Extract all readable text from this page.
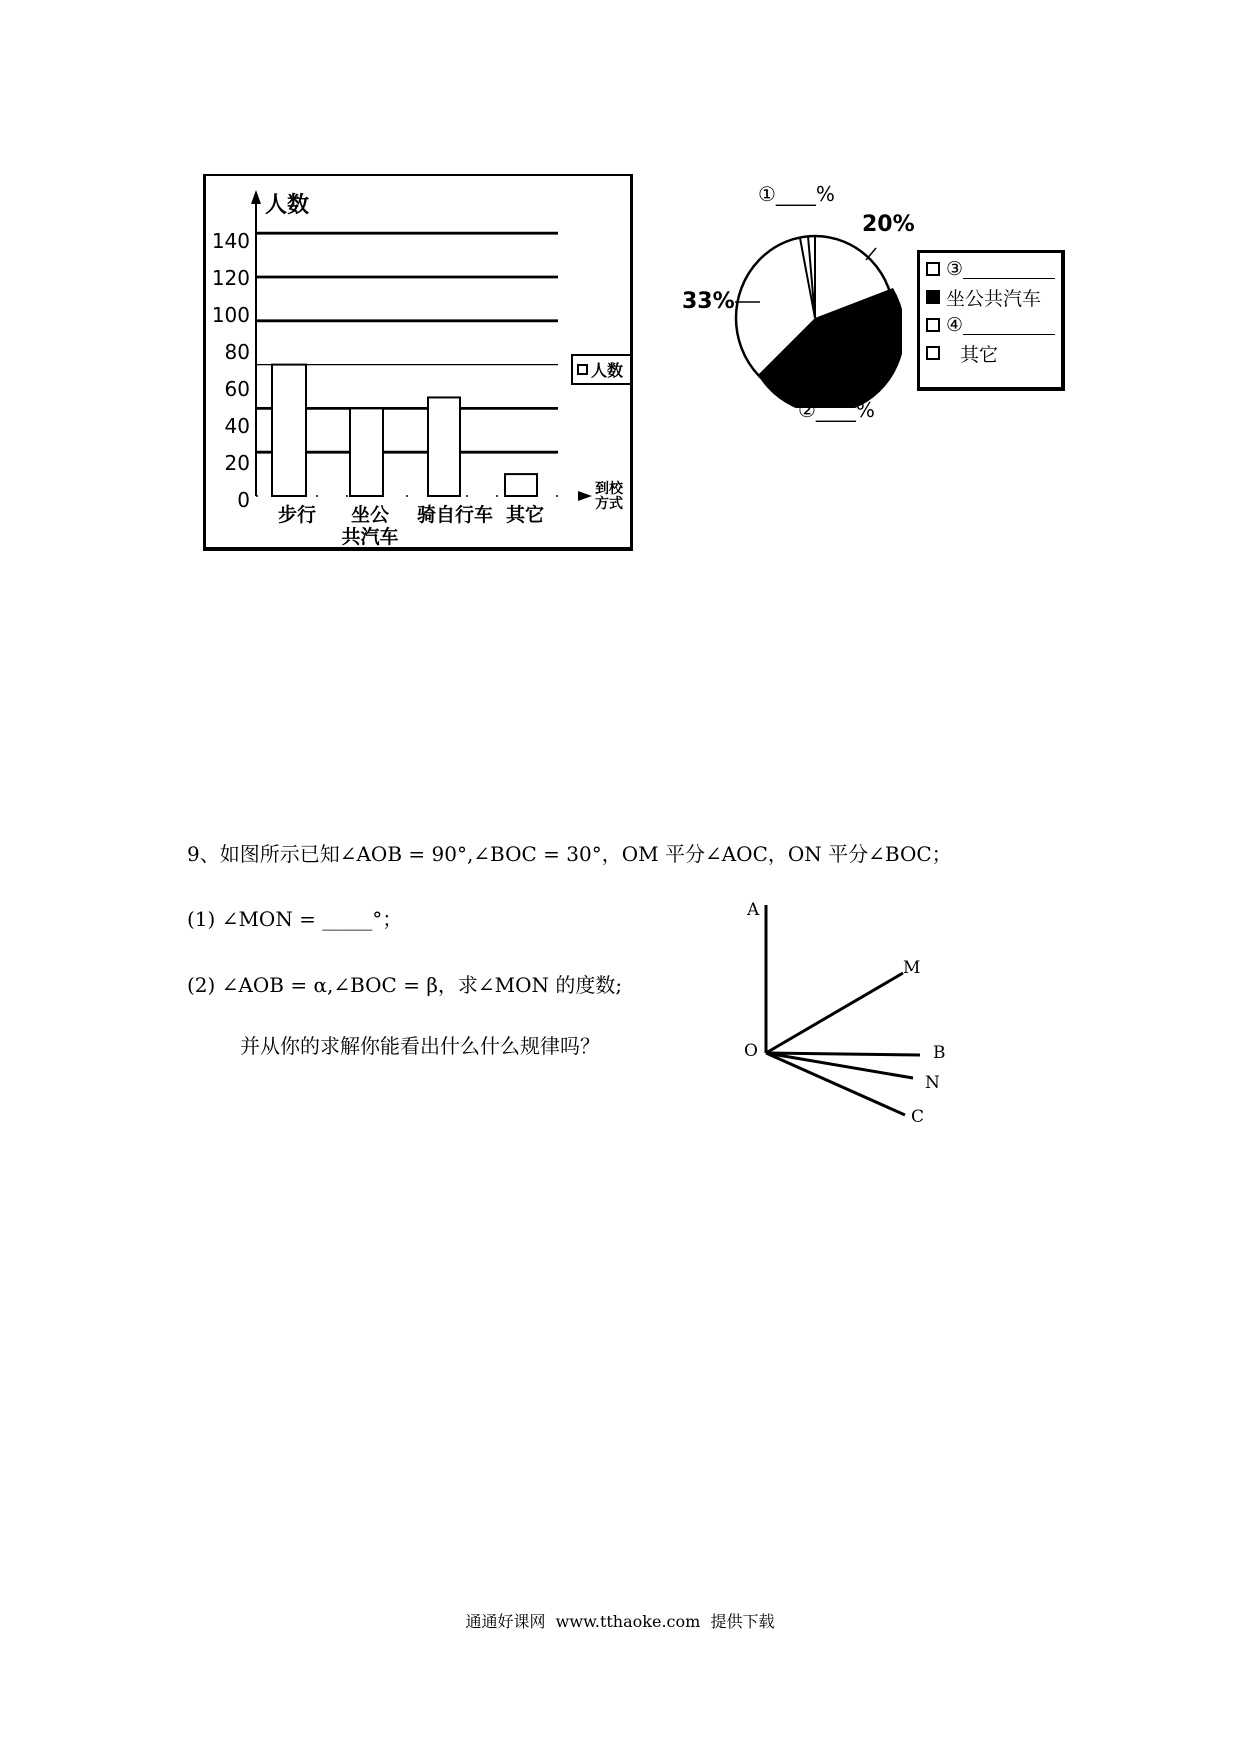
人数
140
120
100
80
60
40
20
0
步行	坐公
共汽车
骑自行车 其它
到校
方式
人数
①____%
20%
33%
②____%
③
坐公共汽车
④
其它
9、如图所示已知∠AOB = 90°,∠BOC = 30°，OM 平分∠AOC，ON 平分∠BOC；
(1) ∠MON = _____°；
(2) ∠AOB = α,∠BOC = β，求∠MON 的度数;
并从你的求解你能看出什么什么规律吗？
A
M
O	B
N
C
通通好课网  www.tthaoke.com  提供下载
